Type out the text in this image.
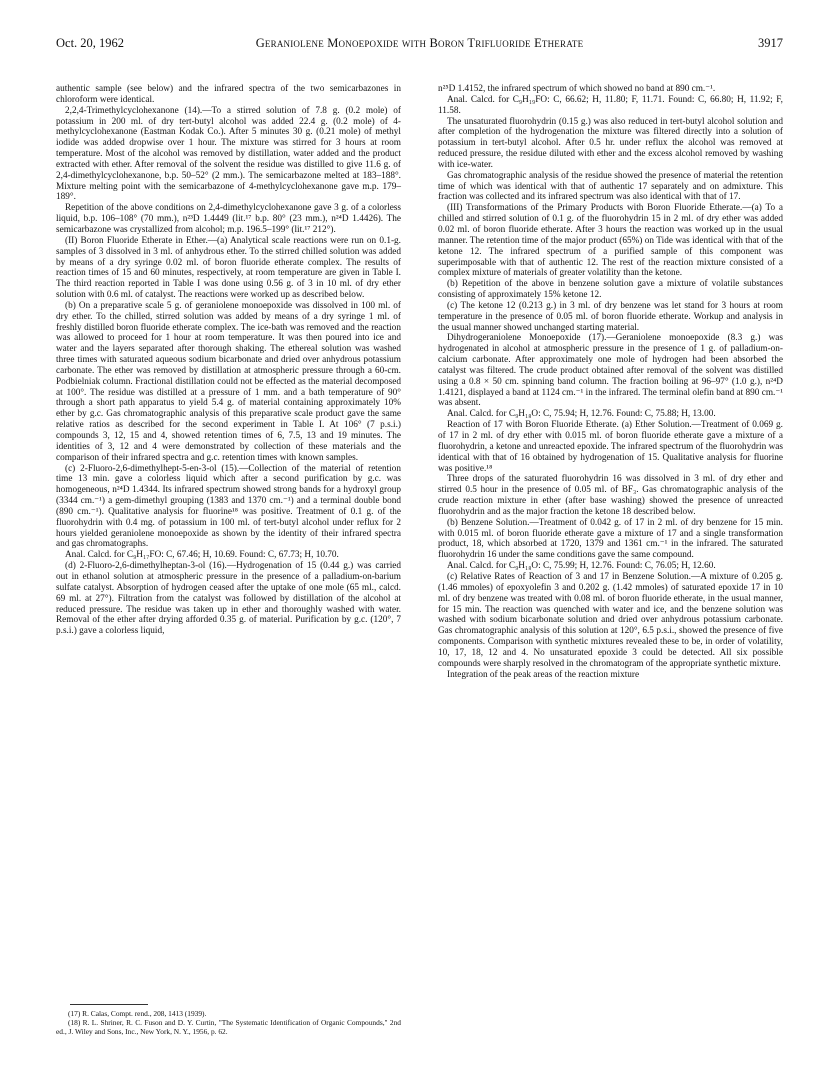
Oct. 20, 1962	Geraniolene Monoepoxide with Boron Trifluoride Etherate	3917

authentic sample (see below) and the infrared spectra of the two semicarbazones in chloroform were identical.

2,2,4-Trimethylcyclohexanone (14).—To a stirred solution of 7.8 g. (0.2 mole) of potassium in 200 ml. of dry tert-butyl alcohol was added 22.4 g. (0.2 mole) of 4-methylcyclohexanone (Eastman Kodak Co.). After 5 minutes 30 g. (0.21 mole) of methyl iodide was added dropwise over 1 hour. The mixture was stirred for 3 hours at room temperature. Most of the alcohol was removed by distillation, water added and the product extracted with ether. After removal of the solvent the residue was distilled to give 11.6 g. of 2,4-dimethylcyclohexanone, b.p. 50–52° (2 mm.). The semicarbazone melted at 183–188°. Mixture melting point with the semicarbazone of 4-methylcyclohexanone gave m.p. 179–189°.

Repetition of the above conditions on 2,4-dimethylcyclohexanone gave 3 g. of a colorless liquid, b.p. 106–108° (70 mm.), n²³D 1.4449 (lit.¹⁷ b.p. 80° (23 mm.), n²⁴D 1.4426). The semicarbazone was crystallized from alcohol; m.p. 196.5–199° (lit.¹⁷ 212°).

(II) Boron Fluoride Etherate in Ether.—(a) Analytical scale reactions were run on 0.1-g. samples of 3 dissolved in 3 ml. of anhydrous ether. To the stirred chilled solution was added by means of a dry syringe 0.02 ml. of boron fluoride etherate complex. The results of reaction times of 15 and 60 minutes, respectively, at room temperature are given in Table I. The third reaction reported in Table I was done using 0.56 g. of 3 in 10 ml. of dry ether solution with 0.6 ml. of catalyst. The reactions were worked up as described below.

(b) On a preparative scale 5 g. of geraniolene monoepoxide was dissolved in 100 ml. of dry ether. To the chilled, stirred solution was added by means of a dry syringe 1 ml. of freshly distilled boron fluoride etherate complex. The ice-bath was removed and the reaction was allowed to proceed for 1 hour at room temperature. It was then poured into ice and water and the layers separated after thorough shaking. The ethereal solution was washed three times with saturated aqueous sodium bicarbonate and dried over anhydrous potassium carbonate. The ether was removed by distillation at atmospheric pressure through a 60-cm. Podbielniak column. Fractional distillation could not be effected as the material decomposed at 100°. The residue was distilled at a pressure of 1 mm. and a bath temperature of 90° through a short path apparatus to yield 5.4 g. of material containing approximately 10% ether by g.c. Gas chromatographic analysis of this preparative scale product gave the same relative ratios as described for the second experiment in Table I. At 106° (7 p.s.i.) compounds 3, 12, 15 and 4, showed retention times of 6, 7.5, 13 and 19 minutes. The identities of 3, 12 and 4 were demonstrated by collection of these materials and the comparison of their infrared spectra and g.c. retention times with known samples.

(c) 2-Fluoro-2,6-dimethylhept-5-en-3-ol (15).—Collection of the material of retention time 13 min. gave a colorless liquid which after a second purification by g.c. was homogeneous, n²⁴D 1.4344. Its infrared spectrum showed strong bands for a hydroxyl group (3344 cm.⁻¹) a gem-dimethyl grouping (1383 and 1370 cm.⁻¹) and a terminal double bond (890 cm.⁻¹). Qualitative analysis for fluorine¹⁸ was positive. Treatment of 0.1 g. of the fluorohydrin with 0.4 mg. of potassium in 100 ml. of tert-butyl alcohol under reflux for 2 hours yielded geraniolene monoepoxide as shown by the identity of their infrared spectra and gas chromatographs.

Anal. Calcd. for C₉H₁₇FO: C, 67.46; H, 10.69. Found: C, 67.73; H, 10.70.

(d) 2-Fluoro-2,6-dimethylheptan-3-ol (16).—Hydrogenation of 15 (0.44 g.) was carried out in ethanol solution at atmospheric pressure in the presence of a palladium-on-barium sulfate catalyst. Absorption of hydrogen ceased after the uptake of one mole (65 ml., calcd. 69 ml. at 27°). Filtration from the catalyst was followed by distillation of the alcohol at reduced pressure. The residue was taken up in ether and thoroughly washed with water. Removal of the ether after drying afforded 0.35 g. of material. Purification by g.c. (120°, 7 p.s.i.) gave a colorless liquid,

n²⁵D 1.4152, the infrared spectrum of which showed no band at 890 cm.⁻¹.

Anal. Calcd. for C₉H₁₉FO: C, 66.62; H, 11.80; F, 11.71. Found: C, 66.80; H, 11.92; F, 11.58.

The unsaturated fluorohydrin (0.15 g.) was also reduced in tert-butyl alcohol solution and after completion of the hydrogenation the mixture was filtered directly into a solution of potassium in tert-butyl alcohol. After 0.5 hr. under reflux the alcohol was removed at reduced pressure, the residue diluted with ether and the excess alcohol removed by washing with ice-water.

Gas chromatographic analysis of the residue showed the presence of material the retention time of which was identical with that of authentic 17 separately and on admixture. This fraction was collected and its infrared spectrum was also identical with that of 17.

(III) Transformations of the Primary Products with Boron Fluoride Etherate.—(a) To a chilled and stirred solution of 0.1 g. of the fluorohydrin 15 in 2 ml. of dry ether was added 0.02 ml. of boron fluoride etherate. After 3 hours the reaction was worked up in the usual manner. The retention time of the major product (65%) on Tide was identical with that of the ketone 12. The infrared spectrum of a purified sample of this component was superimposable with that of authentic 12. The rest of the reaction mixture consisted of a complex mixture of materials of greater volatility than the ketone.

(b) Repetition of the above in benzene solution gave a mixture of volatile substances consisting of approximately 15% ketone 12.

(c) The ketone 12 (0.213 g.) in 3 ml. of dry benzene was let stand for 3 hours at room temperature in the presence of 0.05 ml. of boron fluoride etherate. Workup and analysis in the usual manner showed unchanged starting material.

Dihydrogeraniolene Monoepoxide (17).—Geraniolene monoepoxide (8.3 g.) was hydrogenated in alcohol at atmospheric pressure in the presence of 1 g. of palladium-on-calcium carbonate. After approximately one mole of hydrogen had been absorbed the catalyst was filtered. The crude product obtained after removal of the solvent was distilled using a 0.8 × 50 cm. spinning band column. The fraction boiling at 96–97° (1.0 g.), n²⁴D 1.4121, displayed a band at 1124 cm.⁻¹ in the infrared. The terminal olefin band at 890 cm.⁻¹ was absent.

Anal. Calcd. for C₉H₁₈O: C, 75.94; H, 12.76. Found: C, 75.88; H, 13.00.

Reaction of 17 with Boron Fluoride Etherate. (a) Ether Solution.—Treatment of 0.069 g. of 17 in 2 ml. of dry ether with 0.015 ml. of boron fluoride etherate gave a mixture of a fluorohydrin, a ketone and unreacted epoxide. The infrared spectrum of the fluorohydrin was identical with that of 16 obtained by hydrogenation of 15. Qualitative analysis for fluorine was positive.¹⁸

Three drops of the saturated fluorohydrin 16 was dissolved in 3 ml. of dry ether and stirred 0.5 hour in the presence of 0.05 ml. of BF₃. Gas chromatographic analysis of the crude reaction mixture in ether (after base washing) showed the presence of unreacted fluorohydrin and as the major fraction the ketone 18 described below.

(b) Benzene Solution.—Treatment of 0.042 g. of 17 in 2 ml. of dry benzene for 15 min. with 0.015 ml. of boron fluoride etherate gave a mixture of 17 and a single transformation product, 18, which absorbed at 1720, 1379 and 1361 cm.⁻¹ in the infrared. The saturated fluorohydrin 16 under the same conditions gave the same compound.

Anal. Calcd. for C₉H₁₈O: C, 75.99; H, 12.76. Found: C, 76.05; H, 12.60.

(c) Relative Rates of Reaction of 3 and 17 in Benzene Solution.—A mixture of 0.205 g. (1.46 mmoles) of epoxyolefin 3 and 0.202 g. (1.42 mmoles) of saturated epoxide 17 in 10 ml. of dry benzene was treated with 0.08 ml. of boron fluoride etherate, in the usual manner, for 15 min. The reaction was quenched with water and ice, and the benzene solution was washed with sodium bicarbonate solution and dried over anhydrous potassium carbonate. Gas chromatographic analysis of this solution at 120°, 6.5 p.s.i., showed the presence of five components. Comparison with synthetic mixtures revealed these to be, in order of volatility, 10, 17, 18, 12 and 4. No unsaturated epoxide 3 could be detected. All six possible compounds were sharply resolved in the chromatogram of the appropriate synthetic mixture.

Integration of the peak areas of the reaction mixture

(17) R. Calas, Compt. rend., 208, 1413 (1939).

(18) R. L. Shriner, R. C. Fuson and D. Y. Curtin, "The Systematic Identification of Organic Compounds," 2nd ed., J. Wiley and Sons, Inc., New York, N. Y., 1956, p. 62.
